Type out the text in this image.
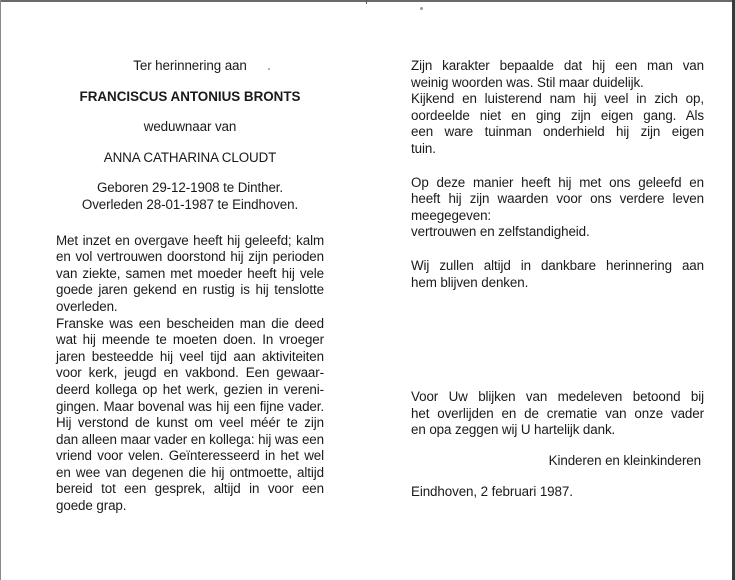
Ter herinnering aan
FRANCISCUS ANTONIUS BRONTS
weduwnaar van
ANNA CATHARINA CLOUDT
Geboren 29-12-1908 te Dinther.
Overleden 28-01-1987 te Eindhoven.
Met inzet en overgave heeft hij geleefd; kalm
en vol vertrouwen doorstond hij zijn perioden
van ziekte, samen met moeder heeft hij vele
goede jaren gekend en rustig is hij tenslotte
overleden.
Franske was een bescheiden man die deed
wat hij meende te moeten doen. In vroeger
jaren besteedde hij veel tijd aan aktiviteiten
voor kerk, jeugd en vakbond. Een gewaar-
deerd kollega op het werk, gezien in vereni-
gingen. Maar bovenal was hij een fijne vader.
Hij verstond de kunst om veel méér te zijn
dan alleen maar vader en kollega: hij was een
vriend voor velen. Geïnteresseerd in het wel
en wee van degenen die hij ontmoette, altijd
bereid tot een gesprek, altijd in voor een
goede grap.
Zijn karakter bepaalde dat hij een man van
weinig woorden was. Stil maar duidelijk.
Kijkend en luisterend nam hij veel in zich op,
oordeelde niet en ging zijn eigen gang. Als
een ware tuinman onderhield hij zijn eigen
tuin.
Op deze manier heeft hij met ons geleefd en
heeft hij zijn waarden voor ons verdere leven
meegegeven:
vertrouwen en zelfstandigheid.
Wij zullen altijd in dankbare herinnering aan
hem blijven denken.
Voor Uw blijken van medeleven betoond bij
het overlijden en de crematie van onze vader
en opa zeggen wij U hartelijk dank.
Kinderen en kleinkinderen
Eindhoven, 2 februari 1987.
